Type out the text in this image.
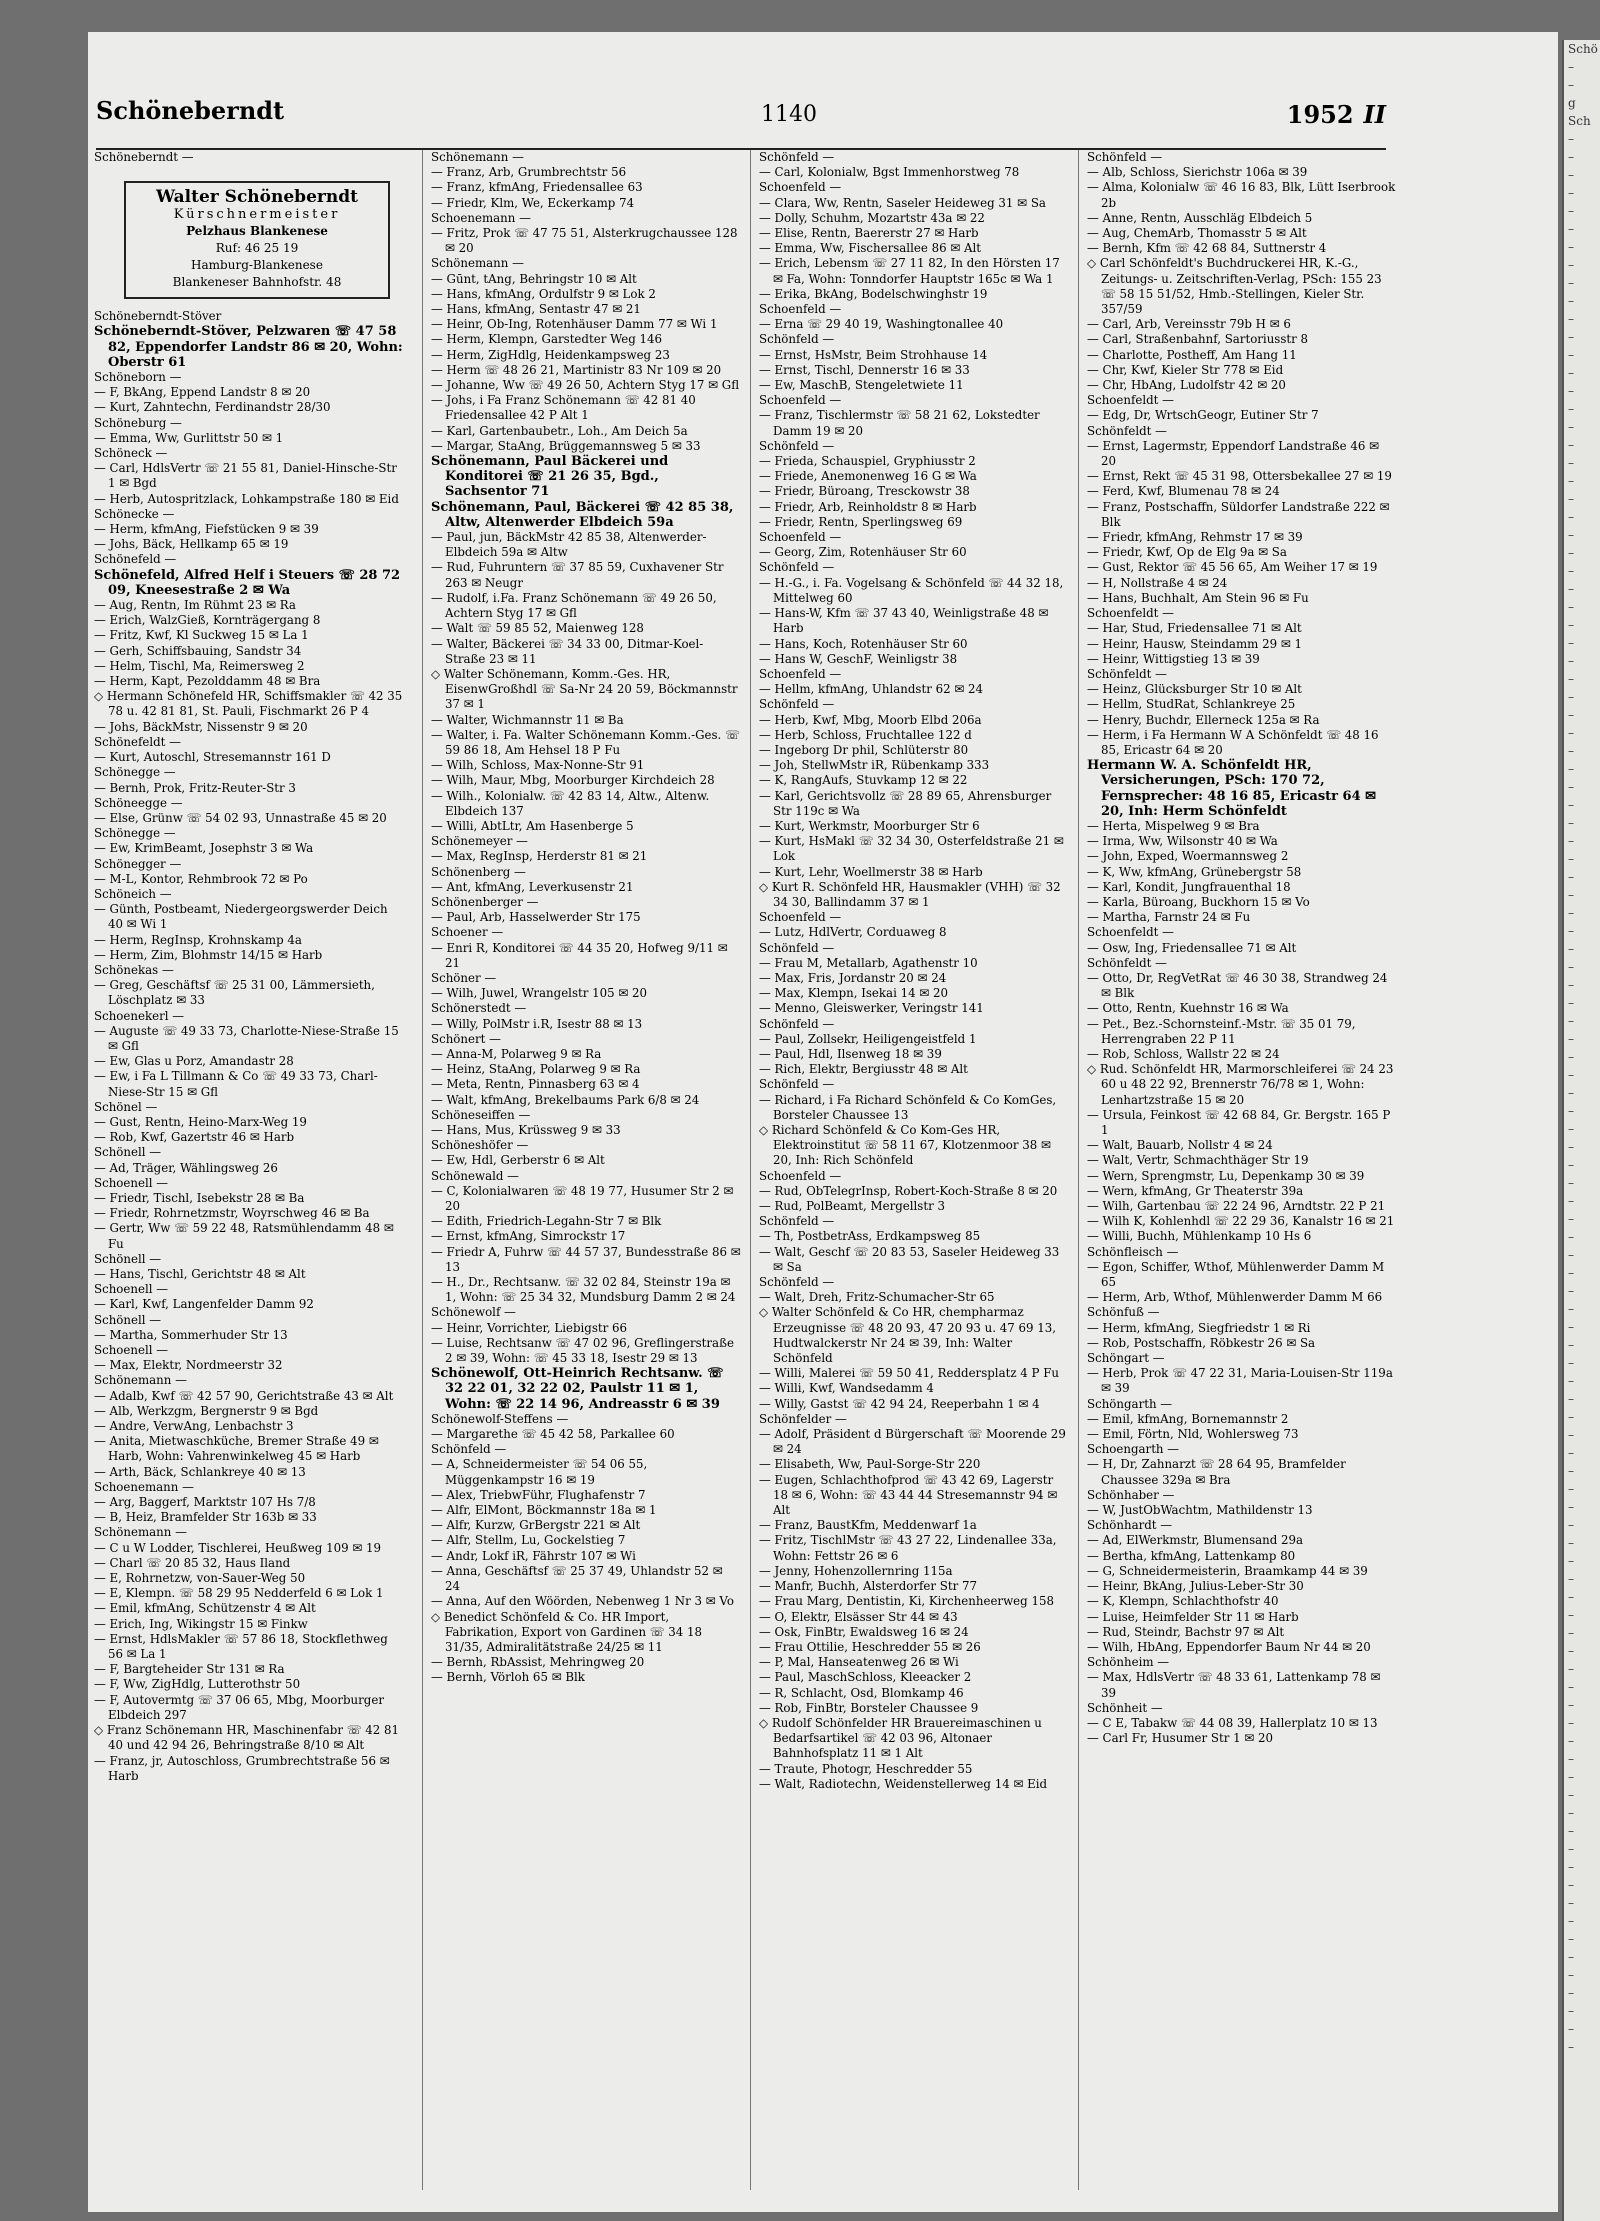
Schöneberndt	1140	1952 II

Schöneberndt —

Walter Schöneberndt
Kürschnermeister
Pelzhaus Blankenese
Ruf: 46 25 19
Hamburg-Blankenese
Blankeneser Bahnhofstr. 48

Schöneberndt-Stöver

Schöneberndt-Stöver, Pelzwaren ☏ 47 58 82, Eppendorfer Landstr 86 ✉ 20, Wohn: Oberstr 61

Schöneborn —

— F, BkAng, Eppend Landstr 8 ✉ 20

— Kurt, Zahntechn, Ferdinandstr 28/30

Schöneburg —

— Emma, Ww, Gurlittstr 50 ✉ 1

Schöneck —

— Carl, HdlsVertr ☏ 21 55 81, Daniel-Hinsche-Str 1 ✉ Bgd

— Herb, Autospritzlack, Lohkampstraße 180 ✉ Eid

Schönecke —

— Herm, kfmAng, Fiefstücken 9 ✉ 39

— Johs, Bäck, Hellkamp 65 ✉ 19

Schönefeld —

Schönefeld, Alfred Helf i Steuers ☏ 28 72 09, Kneesestraße 2 ✉ Wa

— Aug, Rentn, Im Rühmt 23 ✉ Ra

— Erich, WalzGieß, Kornträgergang 8

— Fritz, Kwf, Kl Suckweg 15 ✉ La 1

— Gerh, Schiffsbauing, Sandstr 34

— Helm, Tischl, Ma, Reimersweg 2

— Herm, Kapt, Pezolddamm 48 ✉ Bra

◇ Hermann Schönefeld HR, Schiffsmakler ☏ 42 35 78 u. 42 81 81, St. Pauli, Fischmarkt 26 P 4

— Johs, BäckMstr, Nissenstr 9 ✉ 20

Schönefeldt —

— Kurt, Autoschl, Stresemannstr 161 D

Schönegge —

— Bernh, Prok, Fritz-Reuter-Str 3

Schöneegge —

— Else, Grünw ☏ 54 02 93, Unnastraße 45 ✉ 20

Schönegge —

— Ew, KrimBeamt, Josephstr 3 ✉ Wa

Schönegger —

— M-L, Kontor, Rehmbrook 72 ✉ Po

Schöneich —

— Günth, Postbeamt, Niedergeorgswerder Deich 40 ✉ Wi 1

— Herm, RegInsp, Krohnskamp 4a

— Herm, Zim, Blohmstr 14/15 ✉ Harb

Schönekas —

— Greg, Geschäftsf ☏ 25 31 00, Lämmersieth, Löschplatz ✉ 33

Schoenekerl —

— Auguste ☏ 49 33 73, Charlotte-Niese-Straße 15 ✉ Gfl

— Ew, Glas u Porz, Amandastr 28

— Ew, i Fa L Tillmann & Co ☏ 49 33 73, Charl-Niese-Str 15 ✉ Gfl

Schönel —

— Gust, Rentn, Heino-Marx-Weg 19

— Rob, Kwf, Gazertstr 46 ✉ Harb

Schönell —

— Ad, Träger, Wählingsweg 26

Schoenell —

— Friedr, Tischl, Isebekstr 28 ✉ Ba

— Friedr, Rohrnetzmstr, Woyrschweg 46 ✉ Ba

— Gertr, Ww ☏ 59 22 48, Ratsmühlendamm 48 ✉ Fu

Schönell —

— Hans, Tischl, Gerichtstr 48 ✉ Alt

Schoenell —

— Karl, Kwf, Langenfelder Damm 92

Schönell —

— Martha, Sommerhuder Str 13

Schoenell —

— Max, Elektr, Nordmeerstr 32

Schönemann —

— Adalb, Kwf ☏ 42 57 90, Gerichtstraße 43 ✉ Alt

— Alb, Werkzgm, Bergnerstr 9 ✉ Bgd

— Andre, VerwAng, Lenbachstr 3

— Anita, Mietwaschküche, Bremer Straße 49 ✉ Harb, Wohn: Vahrenwinkelweg 45 ✉ Harb

— Arth, Bäck, Schlankreye 40 ✉ 13

Schoenemann —

— Arg, Baggerf, Marktstr 107 Hs 7/8

— B, Heiz, Bramfelder Str 163b ✉ 33

Schönemann —

— C u W Lodder, Tischlerei, Heußweg 109 ✉ 19

— Charl ☏ 20 85 32, Haus Iland

— E, Rohrnetzw, von-Sauer-Weg 50

— E, Klempn. ☏ 58 29 95 Nedderfeld 6 ✉ Lok 1

— Emil, kfmAng, Schützenstr 4 ✉ Alt

— Erich, Ing, Wikingstr 15 ✉ Finkw

— Ernst, HdlsMakler ☏ 57 86 18, Stockflethweg 56 ✉ La 1

— F, Bargteheider Str 131 ✉ Ra

— F, Ww, ZigHdlg, Lutterothstr 50

— F, Autovermtg ☏ 37 06 65, Mbg, Moorburger Elbdeich 297

◇ Franz Schönemann HR, Maschinenfabr ☏ 42 81 40 und 42 94 26, Behringstraße 8/10 ✉ Alt

— Franz, jr, Autoschloss, Grumbrechtstraße 56 ✉ Harb

Schönemann —

— Franz, Arb, Grumbrechtstr 56

— Franz, kfmAng, Friedensallee 63

— Friedr, Klm, We, Eckerkamp 74

Schoenemann —

— Fritz, Prok ☏ 47 75 51, Alsterkrugchaussee 128 ✉ 20

Schönemann —

— Gūnt, tAng, Behringstr 10 ✉ Alt

— Hans, kfmAng, Ordulfstr 9 ✉ Lok 2

— Hans, kfmAng, Sentastr 47 ✉ 21

— Heinr, Ob-Ing, Rotenhäuser Damm 77 ✉ Wi 1

— Herm, Klempn, Garstedter Weg 146

— Herm, ZigHdlg, Heidenkampsweg 23

— Herm ☏ 48 26 21, Martinistr 83 Nr 109 ✉ 20

— Johanne, Ww ☏ 49 26 50, Achtern Styg 17 ✉ Gfl

— Johs, i Fa Franz Schönemann ☏ 42 81 40 Friedensallee 42 P Alt 1

— Karl, Gartenbaubetr., Loh., Am Deich 5a

— Margar, StaAng, Brüggemannsweg 5 ✉ 33

Schönemann, Paul Bäckerei und Konditorei ☏ 21 26 35, Bgd., Sachsentor 71

Schönemann, Paul, Bäckerei ☏ 42 85 38, Altw, Altenwerder Elbdeich 59a

— Paul, jun, BäckMstr 42 85 38, Altenwerder-Elbdeich 59a ✉ Altw

— Rud, Fuhruntern ☏ 37 85 59, Cuxhavener Str 263 ✉ Neugr

— Rudolf, i.Fa. Franz Schönemann ☏ 49 26 50, Achtern Styg 17 ✉ Gfl

— Walt ☏ 59 85 52, Maienweg 128

— Walter, Bäckerei ☏ 34 33 00, Ditmar-Koel-Straße 23 ✉ 11

◇ Walter Schönemann, Komm.-Ges. HR, EisenwGroßhdl ☏ Sa-Nr 24 20 59, Böckmannstr 37 ✉ 1

— Walter, Wichmannstr 11 ✉ Ba

— Walter, i. Fa. Walter Schönemann Komm.-Ges. ☏ 59 86 18, Am Hehsel 18 P Fu

— Wilh, Schloss, Max-Nonne-Str 91

— Wilh, Maur, Mbg, Moorburger Kirchdeich 28

— Wilh., Kolonialw. ☏ 42 83 14, Altw., Altenw. Elbdeich 137

— Willi, AbtLtr, Am Hasenberge 5

Schönemeyer —

— Max, RegInsp, Herderstr 81 ✉ 21

Schönenberg —

— Ant, kfmAng, Leverkusenstr 21

Schönenberger —

— Paul, Arb, Hasselwerder Str 175

Schoener —

— Enri R, Konditorei ☏ 44 35 20, Hofweg 9/11 ✉ 21

Schöner —

— Wilh, Juwel, Wrangelstr 105 ✉ 20

Schönerstedt —

— Willy, PolMstr i.R, Isestr 88 ✉ 13

Schönert —

— Anna-M, Polarweg 9 ✉ Ra

— Heinz, StaAng, Polarweg 9 ✉ Ra

— Meta, Rentn, Pinnasberg 63 ✉ 4

— Walt, kfmAng, Brekelbaums Park 6/8 ✉ 24

Schöneseiffen —

— Hans, Mus, Krüssweg 9 ✉ 33

Schöneshöfer —

— Ew, Hdl, Gerberstr 6 ✉ Alt

Schönewald —

— C, Kolonialwaren ☏ 48 19 77, Husumer Str 2 ✉ 20

— Edith, Friedrich-Legahn-Str 7 ✉ Blk

— Ernst, kfmAng, Simrockstr 17

— Friedr A, Fuhrw ☏ 44 57 37, Bundesstraße 86 ✉ 13

— H., Dr., Rechtsanw. ☏ 32 02 84, Steinstr 19a ✉ 1, Wohn: ☏ 25 34 32, Mundsburg Damm 2 ✉ 24

Schönewolf —

— Heinr, Vorrichter, Liebigstr 66

— Luise, Rechtsanw ☏ 47 02 96, Greflingerstraße 2 ✉ 39, Wohn: ☏ 45 33 18, Isestr 29 ✉ 13

Schönewolf, Ott-Heinrich Rechtsanw. ☏ 32 22 01, 32 22 02, Paulstr 11 ✉ 1, Wohn: ☏ 22 14 96, Andreasstr 6 ✉ 39

Schönewolf-Steffens —

— Margarethe ☏ 45 42 58, Parkallee 60

Schönfeld —

— A, Schneidermeister ☏ 54 06 55, Müggenkampstr 16 ✉ 19

— Alex, TriebwFühr, Flughafenstr 7

— Alfr, ElMont, Böckmannstr 18a ✉ 1

— Alfr, Kurzw, GrBergstr 221 ✉ Alt

— Alfr, Stellm, Lu, Gockelstieg 7

— Andr, Lokf iR, Fährstr 107 ✉ Wi

— Anna, Geschäftsf ☏ 25 37 49, Uhlandstr 52 ✉ 24

— Anna, Auf den Wöörden, Nebenweg 1 Nr 3 ✉ Vo

◇ Benedict Schönfeld & Co. HR Import, Fabrikation, Export von Gardinen ☏ 34 18 31/35, Admiralitätstraße 24/25 ✉ 11

— Bernh, RbAssist, Mehringweg 20

— Bernh, Vörloh 65 ✉ Blk

Schönfeld —

— Carl, Kolonialw, Bgst Immenhorstweg 78

Schoenfeld —

— Clara, Ww, Rentn, Saseler Heideweg 31 ✉ Sa

— Dolly, Schuhm, Mozartstr 43a ✉ 22

— Elise, Rentn, Baererstr 27 ✉ Harb

— Emma, Ww, Fischersallee 86 ✉ Alt

— Erich, Lebensm ☏ 27 11 82, In den Hörsten 17 ✉ Fa, Wohn: Tonndorfer Hauptstr 165c ✉ Wa 1

— Erika, BkAng, Bodelschwinghstr 19

Schoenfeld —

— Erna ☏ 29 40 19, Washingtonallee 40

Schönfeld —

— Ernst, HsMstr, Beim Strohhause 14

— Ernst, Tischl, Dennerstr 16 ✉ 33

— Ew, MaschB, Stengeletwiete 11

Schoenfeld —

— Franz, Tischlermstr ☏ 58 21 62, Lokstedter Damm 19 ✉ 20

Schönfeld —

— Frieda, Schauspiel, Gryphiusstr 2

— Friede, Anemonenweg 16 G ✉ Wa

— Friedr, Büroang, Tresckowstr 38

— Friedr, Arb, Reinholdstr 8 ✉ Harb

— Friedr, Rentn, Sperlingsweg 69

Schoenfeld —

— Georg, Zim, Rotenhäuser Str 60

Schönfeld —

— H.-G., i. Fa. Vogelsang & Schönfeld ☏ 44 32 18, Mittelweg 60

— Hans-W, Kfm ☏ 37 43 40, Weinligstraße 48 ✉ Harb

— Hans, Koch, Rotenhäuser Str 60

— Hans W, GeschF, Weinligstr 38

Schoenfeld —

— Hellm, kfmAng, Uhlandstr 62 ✉ 24

Schönfeld —

— Herb, Kwf, Mbg, Moorb Elbd 206a

— Herb, Schloss, Fruchtallee 122 d

— Ingeborg Dr phil, Schlüterstr 80

— Joh, StellwMstr iR, Rübenkamp 333

— K, RangAufs, Stuvkamp 12 ✉ 22

— Karl, Gerichtsvollz ☏ 28 89 65, Ahrensburger Str 119c ✉ Wa

— Kurt, Werkmstr, Moorburger Str 6

— Kurt, HsMakl ☏ 32 34 30, Osterfeldstraße 21 ✉ Lok

— Kurt, Lehr, Woellmerstr 38 ✉ Harb

◇ Kurt R. Schönfeld HR, Hausmakler (VHH) ☏ 32 34 30, Ballindamm 37 ✉ 1

Schoenfeld —

— Lutz, HdlVertr, Corduaweg 8

Schönfeld —

— Frau M, Metallarb, Agathenstr 10

— Max, Fris, Jordanstr 20 ✉ 24

— Max, Klempn, Isekai 14 ✉ 20

— Menno, Gleiswerker, Veringstr 141

Schönfeld —

— Paul, Zollsekr, Heiligengeistfeld 1

— Paul, Hdl, Ilsenweg 18 ✉ 39

— Rich, Elektr, Bergiusstr 48 ✉ Alt

Schönfeld —

— Richard, i Fa Richard Schönfeld & Co KomGes, Borsteler Chaussee 13

◇ Richard Schönfeld & Co Kom-Ges HR, Elektroinstitut ☏ 58 11 67, Klotzenmoor 38 ✉ 20, Inh: Rich Schönfeld

Schoenfeld —

— Rud, ObTelegrInsp, Robert-Koch-Straße 8 ✉ 20

— Rud, PolBeamt, Mergellstr 3

Schönfeld —

— Th, PostbetrAss, Erdkampsweg 85

— Walt, Geschf ☏ 20 83 53, Saseler Heideweg 33 ✉ Sa

Schönfeld —

— Walt, Dreh, Fritz-Schumacher-Str 65

◇ Walter Schönfeld & Co HR, chempharmaz Erzeugnisse ☏ 48 20 93, 47 20 93 u. 47 69 13, Hudtwalckerstr Nr 24 ✉ 39, Inh: Walter Schönfeld

— Willi, Malerei ☏ 59 50 41, Reddersplatz 4 P Fu

— Willi, Kwf, Wandsedamm 4

— Willy, Gastst ☏ 42 94 24, Reeperbahn 1 ✉ 4

Schönfelder —

— Adolf, Präsident d Bürgerschaft ☏ Moorende 29 ✉ 24

— Elisabeth, Ww, Paul-Sorge-Str 220

— Eugen, Schlachthofprod ☏ 43 42 69, Lagerstr 18 ✉ 6, Wohn: ☏ 43 44 44 Stresemannstr 94 ✉ Alt

— Franz, BaustKfm, Meddenwarf 1a

— Fritz, TischlMstr ☏ 43 27 22, Lindenallee 33a, Wohn: Fettstr 26 ✉ 6

— Jenny, Hohenzollernring 115a

— Manfr, Buchh, Alsterdorfer Str 77

— Frau Marg, Dentistin, Ki, Kirchenheerweg 158

— O, Elektr, Elsässer Str 44 ✉ 43

— Osk, FinBtr, Ewaldsweg 16 ✉ 24

— Frau Ottilie, Heschredder 55 ✉ 26

— P, Mal, Hanseatenweg 26 ✉ Wi

— Paul, MaschSchloss, Kleeacker 2

— R, Schlacht, Osd, Blomkamp 46

— Rob, FinBtr, Borsteler Chaussee 9

◇ Rudolf Schönfelder HR Brauereimaschinen u Bedarfsartikel ☏ 42 03 96, Altonaer Bahnhofsplatz 11 ✉ 1 Alt

— Traute, Photogr, Heschredder 55

— Walt, Radiotechn, Weidenstellerweg 14 ✉ Eid

Schönfeld —

— Alb, Schloss, Sierichstr 106a ✉ 39

— Alma, Kolonialw ☏ 46 16 83, Blk, Lütt Iserbrook 2b

— Anne, Rentn, Ausschläg Elbdeich 5

— Aug, ChemArb, Thomasstr 5 ✉ Alt

— Bernh, Kfm ☏ 42 68 84, Suttnerstr 4

◇ Carl Schönfeldt's Buchdruckerei HR, K.-G., Zeitungs- u. Zeitschriften-Verlag, PSch: 155 23 ☏ 58 15 51/52, Hmb.-Stellingen, Kieler Str. 357/59

— Carl, Arb, Vereinsstr 79b H ✉ 6

— Carl, Straßenbahnf, Sartoriusstr 8

— Charlotte, Postheff, Am Hang 11

— Chr, Kwf, Kieler Str 778 ✉ Eid

— Chr, HbAng, Ludolfstr 42 ✉ 20

Schoenfeldt —

— Edg, Dr, WrtschGeogr, Eutiner Str 7

Schönfeldt —

— Ernst, Lagermstr, Eppendorf Landstraße 46 ✉ 20

— Ernst, Rekt ☏ 45 31 98, Ottersbekallee 27 ✉ 19

— Ferd, Kwf, Blumenau 78 ✉ 24

— Franz, Postschaffn, Süldorfer Landstraße 222 ✉ Blk

— Friedr, kfmAng, Rehmstr 17 ✉ 39

— Friedr, Kwf, Op de Elg 9a ✉ Sa

— Gust, Rektor ☏ 45 56 65, Am Weiher 17 ✉ 19

— H, Nollstraße 4 ✉ 24

— Hans, Buchhalt, Am Stein 96 ✉ Fu

Schoenfeldt —

— Har, Stud, Friedensallee 71 ✉ Alt

— Heinr, Hausw, Steindamm 29 ✉ 1

— Heinr, Wittigstieg 13 ✉ 39

Schönfeldt —

— Heinz, Glücksburger Str 10 ✉ Alt

— Hellm, StudRat, Schlankreye 25

— Henry, Buchdr, Ellerneck 125a ✉ Ra

— Herm, i Fa Hermann W A Schönfeldt ☏ 48 16 85, Ericastr 64 ✉ 20

Hermann W. A. Schönfeldt HR, Versicherungen, PSch: 170 72, Fernsprecher: 48 16 85, Ericastr 64 ✉ 20, Inh: Herm Schönfeldt

— Herta, Mispelweg 9 ✉ Bra

— Irma, Ww, Wilsonstr 40 ✉ Wa

— John, Exped, Woermannsweg 2

— K, Ww, kfmAng, Grünebergstr 58

— Karl, Kondit, Jungfrauenthal 18

— Karla, Büroang, Buckhorn 15 ✉ Vo

— Martha, Farnstr 24 ✉ Fu

Schoenfeldt —

— Osw, Ing, Friedensallee 71 ✉ Alt

Schönfeldt —

— Otto, Dr, RegVetRat ☏ 46 30 38, Strandweg 24 ✉ Blk

— Otto, Rentn, Kuehnstr 16 ✉ Wa

— Pet., Bez.-Schornsteinf.-Mstr. ☏ 35 01 79, Herrengraben 22 P 11

— Rob, Schloss, Wallstr 22 ✉ 24

◇ Rud. Schönfeldt HR, Marmorschleiferei ☏ 24 23 60 u 48 22 92, Brennerstr 76/78 ✉ 1, Wohn: Lenhartzstraße 15 ✉ 20

— Ursula, Feinkost ☏ 42 68 84, Gr. Bergstr. 165 P 1

— Walt, Bauarb, Nollstr 4 ✉ 24

— Walt, Vertr, Schmachthäger Str 19

— Wern, Sprengmstr, Lu, Depenkamp 30 ✉ 39

— Wern, kfmAng, Gr Theaterstr 39a

— Wilh, Gartenbau ☏ 22 24 96, Arndtstr. 22 P 21

— Wilh K, Kohlenhdl ☏ 22 29 36, Kanalstr 16 ✉ 21

— Willi, Buchh, Mühlenkamp 10 Hs 6

Schönfleisch —

— Egon, Schiffer, Wthof, Mühlenwerder Damm M 65

— Herm, Arb, Wthof, Mühlenwerder Damm M 66

Schönfuß —

— Herm, kfmAng, Siegfriedstr 1 ✉ Ri

— Rob, Postschaffn, Röbkestr 26 ✉ Sa

Schöngart —

— Herb, Prok ☏ 47 22 31, Maria-Louisen-Str 119a ✉ 39

Schöngarth —

— Emil, kfmAng, Bornemannstr 2

— Emil, Förtn, Nld, Wohlersweg 73

Schoengarth —

— H, Dr, Zahnarzt ☏ 28 64 95, Bramfelder Chaussee 329a ✉ Bra

Schönhaber —

— W, JustObWachtm, Mathildenstr 13

Schönhardt —

— Ad, ElWerkmstr, Blumensand 29a

— Bertha, kfmAng, Lattenkamp 80

— G, Schneidermeisterin, Braamkamp 44 ✉ 39

— Heinr, BkAng, Julius-Leber-Str 30

— K, Klempn, Schlachthofstr 40

— Luise, Heimfelder Str 11 ✉ Harb

— Rud, Steindr, Bachstr 97 ✉ Alt

— Wilh, HbAng, Eppendorfer Baum Nr 44 ✉ 20

Schönheim —

— Max, HdlsVertr ☏ 48 33 61, Lattenkamp 78 ✉ 39

Schönheit —

— C E, Tabakw ☏ 44 08 39, Hallerplatz 10 ✉ 13

— Carl Fr, Husumer Str 1 ✉ 20

Schö
–
–
g
Sch
–
–
–
–
–
–
–
–
–
–
–
–
–
–
–
–
–
–
–
–
–
–
–
–
–
–
–
–
–
–
–
–
–
–
–
–
–
–
–
–
–
–
–
–
–
–
–
–
–
–
–
–
–
–
–
–
–
–
–
–
–
–
–
–
–
–
–
–
–
–
–
–
–
–
–
–
–
–
–
–
–
–
–
–
–
–
–
–
–
–
–
–
–
–
–
–
–
–
–
–
–
–
–
–
–
–
–
